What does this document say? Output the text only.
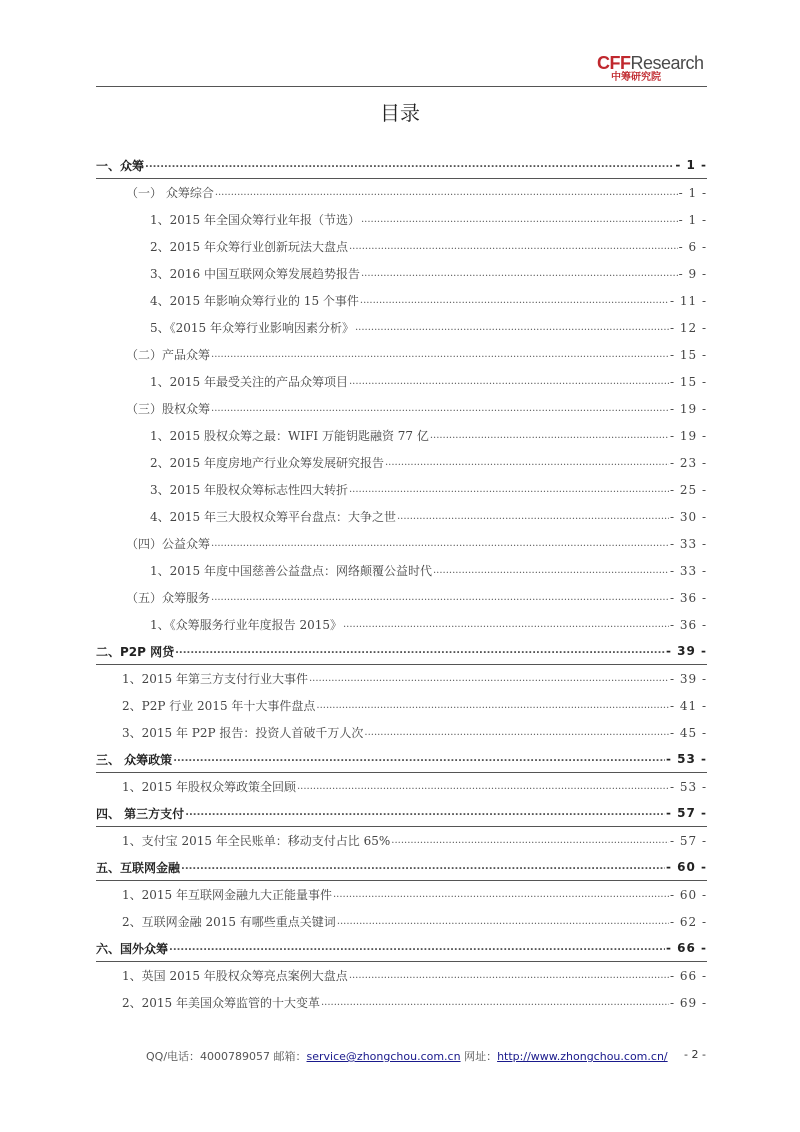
CFFResearch
中筹研究院
目录
一、众筹 .....	- 1 -
（一） 众筹综合 .....	- 1 -
1、2015 年全国众筹行业年报（节选） .....	- 1 -
2、2015 年众筹行业创新玩法大盘点 .....	- 6 -
3、2016 中国互联网众筹发展趋势报告 .....	- 9 -
4、2015 年影响众筹行业的 15 个事件 .....	- 11 -
5、《2015 年众筹行业影响因素分析》 .....	- 12 -
（二）产品众筹 .....	- 15 -
1、2015 年最受关注的产品众筹项目 .....	- 15 -
（三）股权众筹 .....	- 19 -
1、2015 股权众筹之最：WIFI 万能钥匙融资 77 亿 .....	- 19 -
2、2015 年度房地产行业众筹发展研究报告 .....	- 23 -
3、2015 年股权众筹标志性四大转折 .....	- 25 -
4、2015 年三大股权众筹平台盘点：大争之世 .....	- 30 -
（四）公益众筹 .....	- 33 -
1、2015 年度中国慈善公益盘点：网络颠覆公益时代 .....	- 33 -
（五）众筹服务 .....	- 36 -
1、《众筹服务行业年度报告 2015》 .....	- 36 -
二、P2P 网贷 .....	- 39 -
1、2015 年第三方支付行业大事件 .....	- 39 -
2、P2P 行业 2015 年十大事件盘点 .....	- 41 -
3、2015 年 P2P 报告：投资人首破千万人次 .....	- 45 -
三、 众筹政策 .....	- 53 -
1、2015 年股权众筹政策全回顾 .....	- 53 -
四、 第三方支付 .....	- 57 -
1、支付宝 2015 年全民账单：移动支付占比 65% .....	- 57 -
五、互联网金融 .....	- 60 -
1、2015 年互联网金融九大正能量事件 .....	- 60 -
2、互联网金融 2015 有哪些重点关键词 .....	- 62 -
六、国外众筹 .....	- 66 -
1、英国 2015 年股权众筹亮点案例大盘点 .....	- 66 -
2、2015 年美国众筹监管的十大变革 .....	- 69 -
QQ/电话：4000789057 邮箱：service@zhongchou.com.cn 网址：http://www.zhongchou.com.cn/ - 2 -
